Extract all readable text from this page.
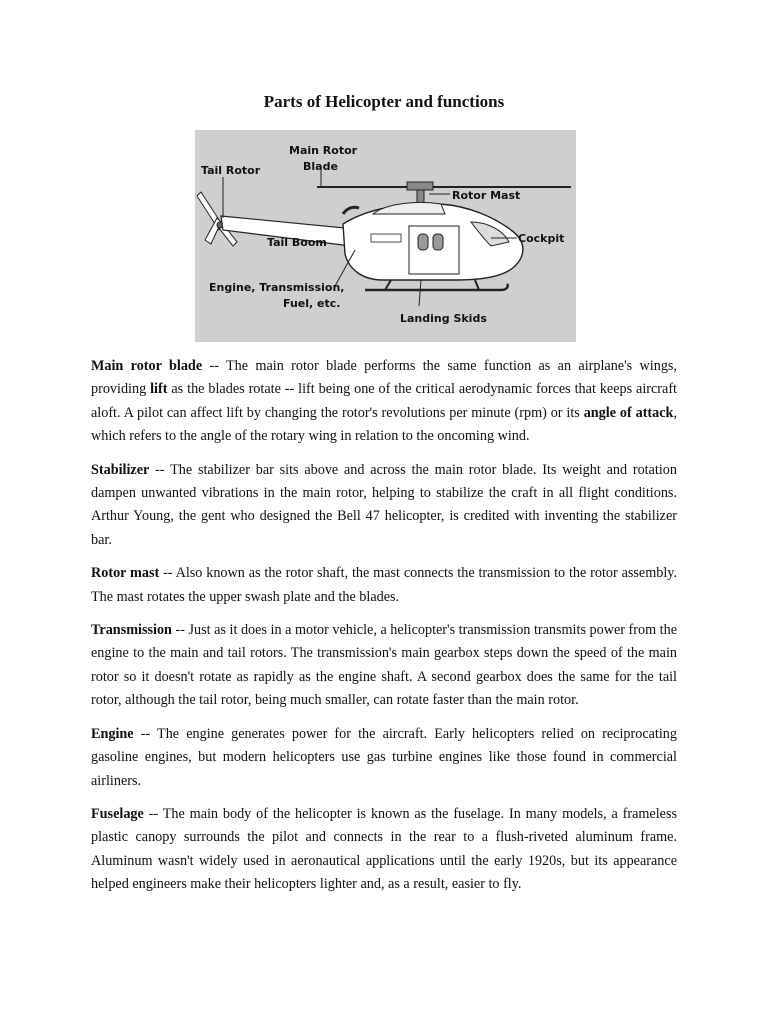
Parts of Helicopter and functions
Main Rotor
Blade
Tail Rotor
Rotor Mast
Cockpit
Tail Boom
Engine, Transmission,
Fuel, etc.
Landing Skids

Main rotor blade -- The main rotor blade performs the same function as an airplane's wings, providing lift as the blades rotate -- lift being one of the critical aerodynamic forces that keeps aircraft aloft. A pilot can affect lift by changing the rotor's revolutions per minute (rpm) or its angle of attack, which refers to the angle of the rotary wing in relation to the oncoming wind.

Stabilizer -- The stabilizer bar sits above and across the main rotor blade. Its weight and rotation dampen unwanted vibrations in the main rotor, helping to stabilize the craft in all flight conditions. Arthur Young, the gent who designed the Bell 47 helicopter, is credited with inventing the stabilizer bar.

Rotor mast -- Also known as the rotor shaft, the mast connects the transmission to the rotor assembly. The mast rotates the upper swash plate and the blades.

Transmission -- Just as it does in a motor vehicle, a helicopter's transmission transmits power from the engine to the main and tail rotors. The transmission's main gearbox steps down the speed of the main rotor so it doesn't rotate as rapidly as the engine shaft. A second gearbox does the same for the tail rotor, although the tail rotor, being much smaller, can rotate faster than the main rotor.

Engine -- The engine generates power for the aircraft. Early helicopters relied on reciprocating gasoline engines, but modern helicopters use gas turbine engines like those found in commercial airliners.

Fuselage -- The main body of the helicopter is known as the fuselage. In many models, a frameless plastic canopy surrounds the pilot and connects in the rear to a flush-riveted aluminum frame. Aluminum wasn't widely used in aeronautical applications until the early 1920s, but its appearance helped engineers make their helicopters lighter and, as a result, easier to fly.
